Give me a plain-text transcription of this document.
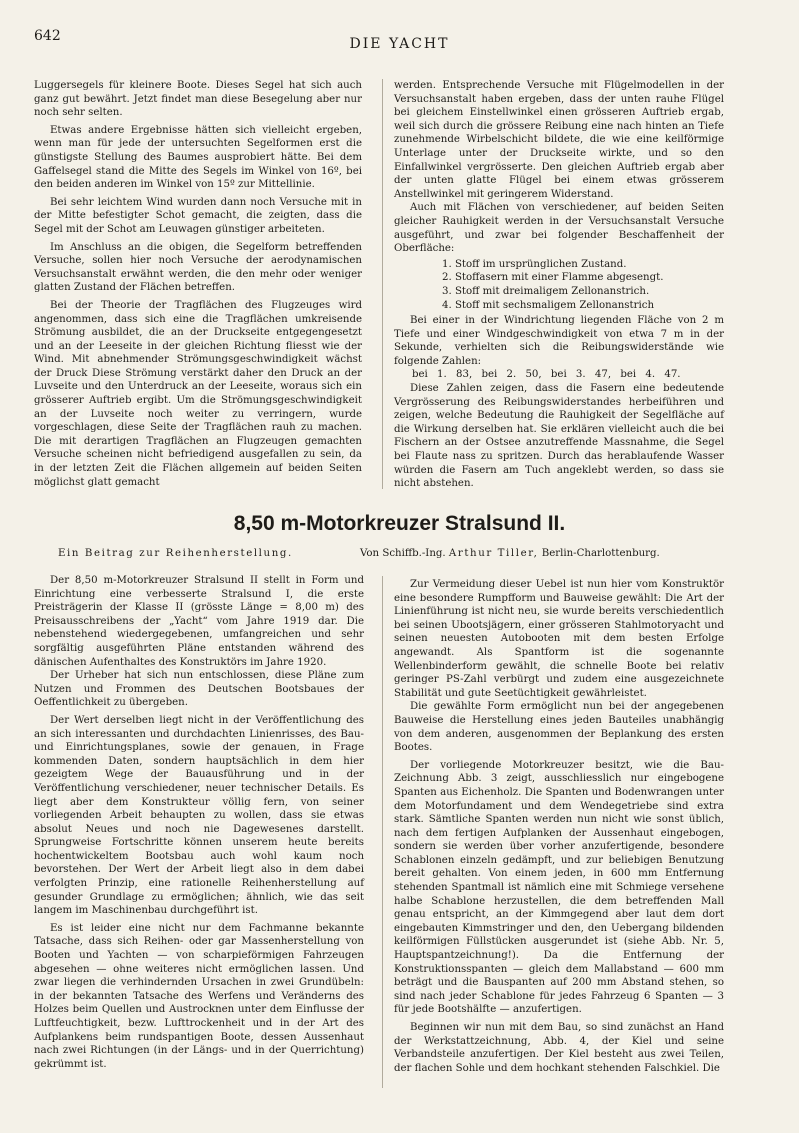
642	DIE YACHT

Luggersegels für kleinere Boote. Dieses Segel hat sich auch ganz gut bewährt. Jetzt findet man diese Besegelung aber nur noch sehr selten.

Etwas andere Ergebnisse hätten sich vielleicht ergeben, wenn man für jede der untersuchten Segelformen erst die günstigste Stellung des Baumes ausprobiert hätte. Bei dem Gaffelsegel stand die Mitte des Segels im Winkel von 16º, bei den beiden anderen im Winkel von 15º zur Mittellinie.

Bei sehr leichtem Wind wurden dann noch Versuche mit in der Mitte befestigter Schot gemacht, die zeigten, dass die Segel mit der Schot am Leuwagen günstiger arbeiteten.

Im Anschluss an die obigen, die Segelform betreffenden Versuche, sollen hier noch Versuche der aerodynamischen Versuchsanstalt erwähnt werden, die den mehr oder weniger glatten Zustand der Flächen betreffen.

Bei der Theorie der Tragflächen des Flugzeuges wird angenommen, dass sich eine die Tragflächen umkreisende Strömung ausbildet, die an der Druckseite entgegengesetzt und an der Leeseite in der gleichen Richtung fliesst wie der Wind. Mit abnehmender Strömungsgeschwindigkeit wächst der Druck Diese Strömung verstärkt daher den Druck an der Luvseite und den Unterdruck an der Leeseite, woraus sich ein grösserer Auftrieb ergibt. Um die Strömungsgeschwindigkeit an der Luvseite noch weiter zu verringern, wurde vorgeschlagen, diese Seite der Tragflächen rauh zu machen. Die mit derartigen Tragflächen an Flugzeugen gemachten Versuche scheinen nicht befriedigend ausgefallen zu sein, da in der letzten Zeit die Flächen allgemein auf beiden Seiten möglichst glatt gemacht

werden. Entsprechende Versuche mit Flügelmodellen in der Versuchsanstalt haben ergeben, dass der unten rauhe Flügel bei gleichem Einstellwinkel einen grösseren Auftrieb ergab, weil sich durch die grössere Reibung eine nach hinten an Tiefe zunehmende Wirbelschicht bildete, die wie eine keilförmige Unterlage unter der Druckseite wirkte, und so den Einfallwinkel vergrösserte. Den gleichen Auftrieb ergab aber der unten glatte Flügel bei einem etwas grösserem Anstellwinkel mit geringerem Widerstand.

Auch mit Flächen von verschiedener, auf beiden Seiten gleicher Rauhigkeit werden in der Versuchsanstalt Versuche ausgeführt, und zwar bei folgender Beschaffenheit der Oberfläche:

1. Stoff im ursprünglichen Zustand.
2. Stoffasern mit einer Flamme abgesengt.
3. Stoff mit dreimaligem Zellonanstrich.
4. Stoff mit sechsmaligem Zellonanstrich

Bei einer in der Windrichtung liegenden Fläche von 2 m Tiefe und einer Windgeschwindigkeit von etwa 7 m in der Sekunde, verhielten sich die Reibungswiderstände wie folgende Zahlen:

bei 1. 83, bei 2. 50, bei 3. 47, bei 4. 47.

Diese Zahlen zeigen, dass die Fasern eine bedeutende Vergrösserung des Reibungswiderstandes herbeiführen und zeigen, welche Bedeutung die Rauhigkeit der Segelfläche auf die Wirkung derselben hat. Sie erklären vielleicht auch die bei Fischern an der Ostsee anzutreffende Massnahme, die Segel bei Flaute nass zu spritzen. Durch das herablaufende Wasser würden die Fasern am Tuch angeklebt werden, so dass sie nicht abstehen.

8,50 m-Motorkreuzer Stralsund II.
Ein Beitrag zur Reihenherstellung.	Von Schiffb.-Ing. Arthur Tiller, Berlin-Charlottenburg.

Der 8,50 m-Motorkreuzer Stralsund II stellt in Form und Einrichtung eine verbesserte Stralsund I, die erste Preisträgerin der Klasse II (grösste Länge = 8,00 m) des Preisausschreibens der „Yacht“ vom Jahre 1919 dar. Die nebenstehend wiedergegebenen, umfangreichen und sehr sorgfältig ausgeführten Pläne entstanden während des dänischen Aufenthaltes des Konstruktörs im Jahre 1920.

Der Urheber hat sich nun entschlossen, diese Pläne zum Nutzen und Frommen des Deutschen Bootsbaues der Oeffentlichkeit zu übergeben.

Der Wert derselben liegt nicht in der Veröffentlichung des an sich interessanten und durchdachten Linienrisses, des Bau- und Einrichtungsplanes, sowie der genauen, in Frage kommenden Daten, sondern hauptsächlich in dem hier gezeigtem Wege der Bauausführung und in der Veröffentlichung verschiedener, neuer technischer Details. Es liegt aber dem Konstrukteur völlig fern, von seiner vorliegenden Arbeit behaupten zu wollen, dass sie etwas absolut Neues und noch nie Dagewesenes darstellt. Sprungweise Fortschritte können unserem heute bereits hochentwickeltem Bootsbau auch wohl kaum noch bevorstehen. Der Wert der Arbeit liegt also in dem dabei verfolgten Prinzip, eine rationelle Reihenherstellung auf gesunder Grundlage zu ermöglichen; ähnlich, wie das seit langem im Maschinenbau durchgeführt ist.

Es ist leider eine nicht nur dem Fachmanne bekannte Tatsache, dass sich Reihen- oder gar Massenherstellung von Booten und Yachten — von scharpieförmigen Fahrzeugen abgesehen — ohne weiteres nicht ermöglichen lassen. Und zwar liegen die verhindernden Ursachen in zwei Grundübeln: in der bekannten Tatsache des Werfens und Veränderns des Holzes beim Quellen und Austrocknen unter dem Einflusse der Luftfeuchtigkeit, bezw. Lufttrockenheit und in der Art des Aufplankens beim rundspantigen Boote, dessen Aussenhaut nach zwei Richtungen (in der Längs- und in der Querrichtung) gekrümmt ist.

Zur Vermeidung dieser Uebel ist nun hier vom Konstruktör eine besondere Rumpfform und Bauweise gewählt: Die Art der Linienführung ist nicht neu, sie wurde bereits verschiedentlich bei seinen Ubootsjägern, einer grösseren Stahlmotoryacht und seinen neuesten Autobooten mit dem besten Erfolge angewandt. Als Spantform ist die sogenannte Wellenbinderform gewählt, die schnelle Boote bei relativ geringer PS-Zahl verbürgt und zudem eine ausgezeichnete Stabilität und gute Seetüchtigkeit gewährleistet.

Die gewählte Form ermöglicht nun bei der angegebenen Bauweise die Herstellung eines jeden Bauteiles unabhängig von dem anderen, ausgenommen der Beplankung des ersten Bootes.

Der vorliegende Motorkreuzer besitzt, wie die Bau-Zeichnung Abb. 3 zeigt, ausschliesslich nur eingebogene Spanten aus Eichenholz. Die Spanten und Bodenwrangen unter dem Motorfundament und dem Wendegetriebe sind extra stark. Sämtliche Spanten werden nun nicht wie sonst üblich, nach dem fertigen Aufplanken der Aussenhaut eingebogen, sondern sie werden über vorher anzufertigende, besondere Schablonen einzeln gedämpft, und zur beliebigen Benutzung bereit gehalten. Von einem jeden, in 600 mm Entfernung stehenden Spantmall ist nämlich eine mit Schmiege versehene halbe Schablone herzustellen, die dem betreffenden Mall genau entspricht, an der Kimmgegend aber laut dem dort eingebauten Kimmstringer und den, den Uebergang bildenden keilförmigen Füllstücken ausgerundet ist (siehe Abb. Nr. 5, Hauptspantzeichnung!). Da die Entfernung der Konstruktionsspanten — gleich dem Mallabstand — 600 mm beträgt und die Bauspanten auf 200 mm Abstand stehen, so sind nach jeder Schablone für jedes Fahrzeug 6 Spanten — 3 für jede Bootshälfte — anzufertigen.

Beginnen wir nun mit dem Bau, so sind zunächst an Hand der Werkstattzeichnung, Abb. 4, der Kiel und seine Verbandsteile anzufertigen. Der Kiel besteht aus zwei Teilen, der flachen Sohle und dem hochkant stehenden Falschkiel. Die
